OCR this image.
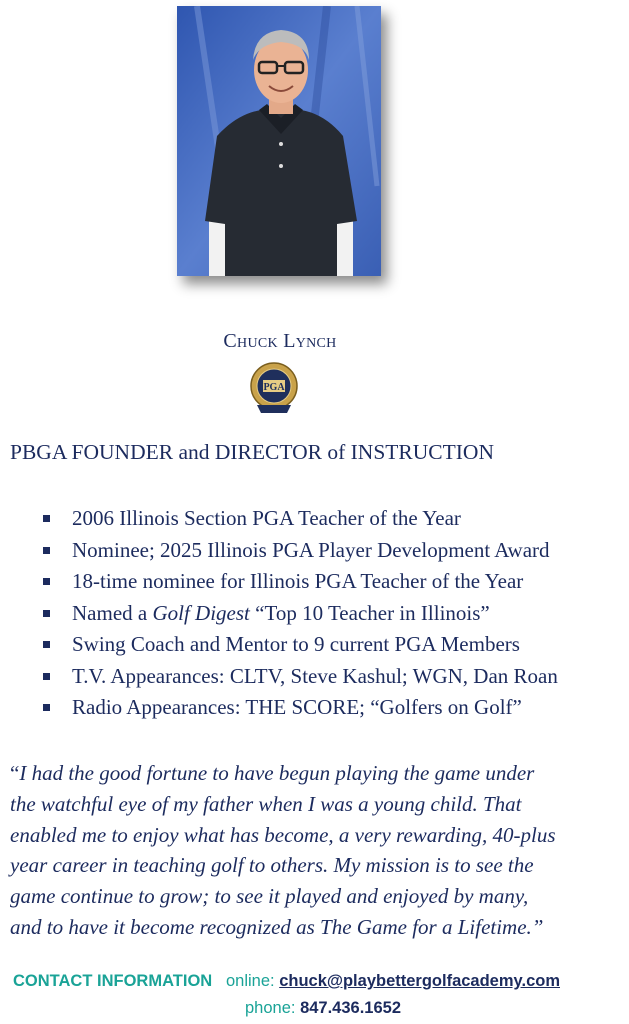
Chuck Lynch
PGA
PBGA FOUNDER and DIRECTOR of INSTRUCTION
2006 Illinois Section PGA Teacher of the Year
Nominee; 2025 Illinois PGA Player Development Award
18-time nominee for Illinois PGA Teacher of the Year
Named a Golf Digest “Top 10 Teacher in Illinois”
Swing Coach and Mentor to 9 current PGA Members
T.V. Appearances: CLTV, Steve Kashul; WGN, Dan Roan
Radio Appearances: THE SCORE; “Golfers on Golf”
“I had the good fortune to have begun playing the game under
the watchful eye of my father when I was a young child. That
enabled me to enjoy what has become, a very rewarding, 40-plus
year career in teaching golf to others. My mission is to see the
game continue to grow; to see it played and enjoyed by many,
and to have it become recognized as The Game for a Lifetime.”
CONTACT INFORMATION online: chuck@playbettergolfacademy.com
phone: 847.436.1652
